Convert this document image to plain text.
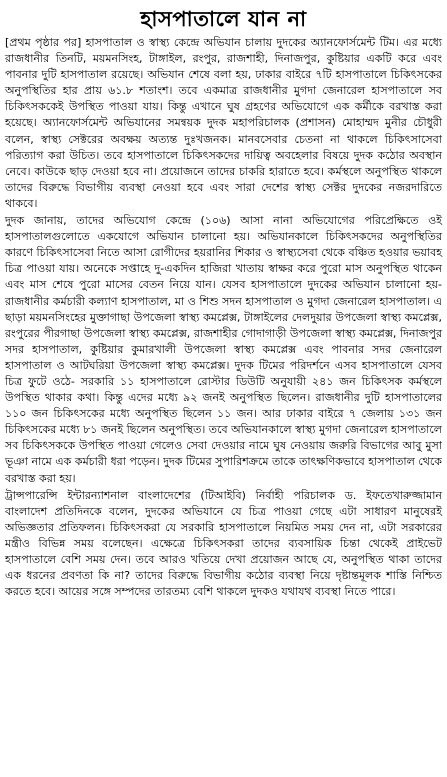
হাসপাতালে যান না

[প্রথম পৃষ্ঠার পর] হাসপাতাল ও স্বাস্থ্য কেন্দ্রে অভিযান চালায় দুদকের অ্যানফোর্সমেন্ট টিম। এর মধ্যে রাজধানীর তিনটি, ময়মনসিংহ, টাঙ্গাইল, রংপুর, রাজশাহী, দিনাজপুর, কুষ্টিয়ার একটি করে এবং পাবনার দুটি হাসপাতাল রয়েছে। অভিযান শেষে বলা হয়, ঢাকার বাইরে ৭টি হাসপাতালে চিকিৎসকের অনুপস্থিতির হার প্রায় ৬১.৮ শতাংশ। তবে একমাত্র রাজধানীর মুগদা জেনারেল হাসপাতালে সব চিকিৎসককেই উপস্থিত পাওয়া যায়। কিন্তু এখানে ঘুষ গ্রহণের অভিযোগে এক কর্মীকে বরখাস্ত করা হয়েছে। অ্যানফোর্সমেন্ট অভিযানের সমন্বয়ক দুদক মহাপরিচালক (প্রশাসন) মোহাম্মদ মুনীর চৌধুরী বলেন, স্বাস্থ্য সেক্টরের অবক্ষয় অত্যন্ত দুঃখজনক। মানবসেবার চেতনা না থাকলে চিকিৎসাসেবা পরিত্যাগ করা উচিত। তবে হাসপাতালে চিকিৎসকদের দায়িত্ব অবহেলার বিষয়ে দুদক কঠোর অবস্থান নেবে। কাউকে ছাড় দেওয়া হবে না। প্রয়োজনে তাদের চাকরি হারাতে হবে। কর্মস্থলে অনুপস্থিত থাকলে তাদের বিরুদ্ধে বিভাগীয় ব্যবস্থা নেওয়া হবে এবং সারা দেশের স্বাস্থ্য সেক্টর দুদকের নজরদারিতে থাকবে।

দুদক জানায়, তাদের অভিযোগ কেন্দ্রে (১০৬) আসা নানা অভিযোগের পরিপ্রেক্ষিতে ওই হাসপাতালগুলোতে একযোগে অভিযান চালানো হয়। অভিযানকালে চিকিৎসকদের অনুপস্থিতির কারণে চিকিৎসাসেবা নিতে আসা রোগীদের হয়রানির শিকার ও স্বাস্থ্যসেবা থেকে বঞ্চিত হওয়ার ভয়াবহ চিত্র পাওয়া যায়। অনেকে সপ্তাহে দু-একদিন হাজিরা খাতায় স্বাক্ষর করে পুরো মাস অনুপস্থিত থাকেন এবং মাস শেষে পুরো মাসের বেতন নিয়ে যান। যেসব হাসপাতালে দুদকের অভিযান চালানো হয়- রাজধানীর কর্মচারী কল্যাণ হাসপাতাল, মা ও শিশু সদন হাসপাতাল ও মুগদা জেনারেল হাসপাতাল। এ ছাড়া ময়মনসিংহের মুক্তাগাছা উপজেলা স্বাস্থ্য কমপ্লেক্স, টাঙ্গাইলের দেলদুয়ার উপজেলা স্বাস্থ্য কমপ্লেক্স, রংপুরের পীরগাছা উপজেলা স্বাস্থ্য কমপ্লেক্স, রাজশাহীর গোদাগাড়ী উপজেলা স্বাস্থ্য কমপ্লেক্স, দিনাজপুর সদর হাসপাতাল, কুষ্টিয়ার কুমারখালী উপজেলা স্বাস্থ্য কমপ্লেক্স এবং পাবনার সদর জেনারেল হাসপাতাল ও আটঘরিয়া উপজেলা স্বাস্থ্য কমপ্লেক্স। দুদক টিমের পরিদর্শনে এসব হাসপাতালে যেসব চিত্র ফুটে ওঠে- সরকারি ১১ হাসপাতালে রোস্টার ডিউটি অনুযায়ী ২৪১ জন চিকিৎসক কর্মস্থলে উপস্থিত থাকার কথা। কিন্তু এদের মধ্যে ৯২ জনই অনুপস্থিত ছিলেন। রাজধানীর দুটি হাসপাতালের ১১০ জন চিকিৎসকের মধ্যে অনুপস্থিত ছিলেন ১১ জন। আর ঢাকার বাইরে ৭ জেলায় ১৩১ জন চিকিৎসকের মধ্যে ৮১ জনই ছিলেন অনুপস্থিত। তবে অভিযানকালে স্বাস্থ্য মুগদা জেনারেল হাসপাতালে সব চিকিৎসককে উপস্থিত পাওয়া গেলেও সেবা দেওয়ার নামে ঘুষ নেওয়ায় জরুরি বিভাগের আবু মুসা ভূঞা নামে এক কর্মচারী ধরা পড়েন। দুদক টিমের সুপারিশক্রমে তাকে তাৎক্ষণিকভাবে হাসপাতাল থেকে বরখাস্ত করা হয়।

ট্রান্সপারেন্সি ইন্টারন্যাশনাল বাংলাদেশের (টিআইবি) নির্বাহী পরিচালক ড. ইফতেখারুজ্জামান বাংলাদেশ প্রতিদিনকে বলেন, দুদকের অভিযানে যে চিত্র পাওয়া গেছে এটা সাধারণ মানুষেরই অভিজ্ঞতার প্রতিফলন। চিকিৎসকরা যে সরকারি হাসপাতালে নিয়মিত সময় দেন না, এটা সরকারের মন্ত্রীও বিভিন্ন সময় বলেছেন। এক্ষেত্রে চিকিৎসকরা তাদের ব্যবসায়িক চিন্তা থেকেই প্রাইভেট হাসপাতালে বেশি সময় দেন। তবে আরও খতিয়ে দেখা প্রয়োজন আছে যে, অনুপস্থিত থাকা তাদের এক ধরনের প্রবণতা কি না? তাদের বিরুদ্ধে বিভাগীয় কঠোর ব্যবস্থা নিয়ে দৃষ্টান্তমূলক শাস্তি নিশ্চিত করতে হবে। আয়ের সঙ্গে সম্পদের তারতম্য বেশি থাকলে দুদকও যথাযথ ব্যবস্থা নিতে পারে।
